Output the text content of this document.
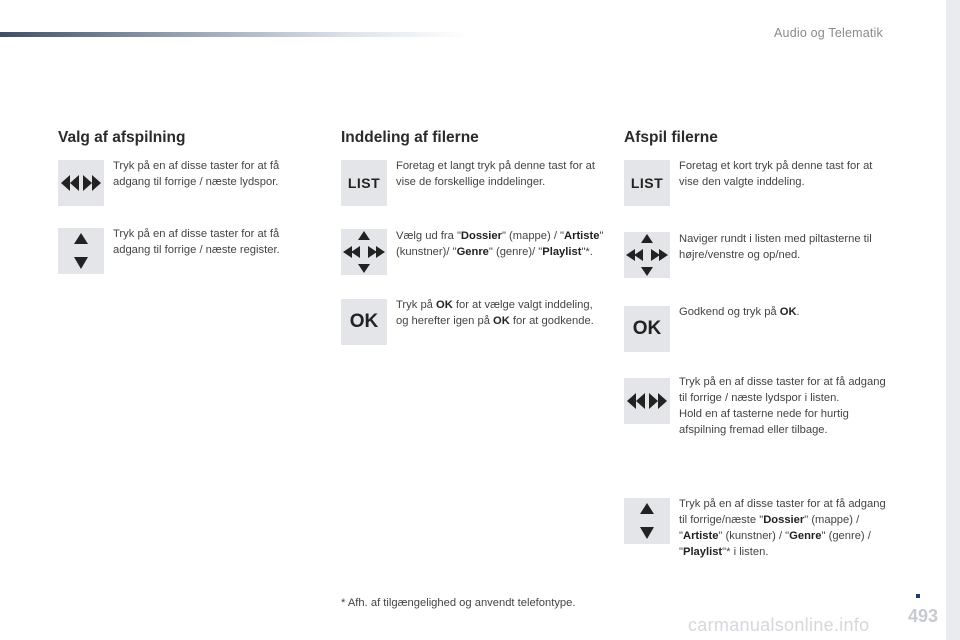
Audio og Telematik
Valg af afspilning
Tryk på en af disse taster for at få adgang til forrige / næste lydspor.
Tryk på en af disse taster for at få adgang til forrige / næste register.
Inddeling af filerne
LIST
Foretag et langt tryk på denne tast for at vise de forskellige inddelinger.
Vælg ud fra "Dossier" (mappe) / "Artiste" (kunstner)/ "Genre" (genre)/ "Playlist"*.
OK
Tryk på OK for at vælge valgt inddeling, og herefter igen på OK for at godkende.
Afspil filerne
LIST
Foretag et kort tryk på denne tast for at vise den valgte inddeling.
Naviger rundt i listen med piltasterne til højre/venstre og op/ned.
OK
Godkend og tryk på OK.
Tryk på en af disse taster for at få adgang til forrige / næste lydspor i listen.
Hold en af tasterne nede for hurtig afspilning fremad eller tilbage.
Tryk på en af disse taster for at få adgang til forrige/næste "Dossier" (mappe) / "Artiste" (kunstner) / "Genre" (genre) / "Playlist"* i listen.
* Afh. af tilgængelighed og anvendt telefontype.
493
carmanualsonline.info
